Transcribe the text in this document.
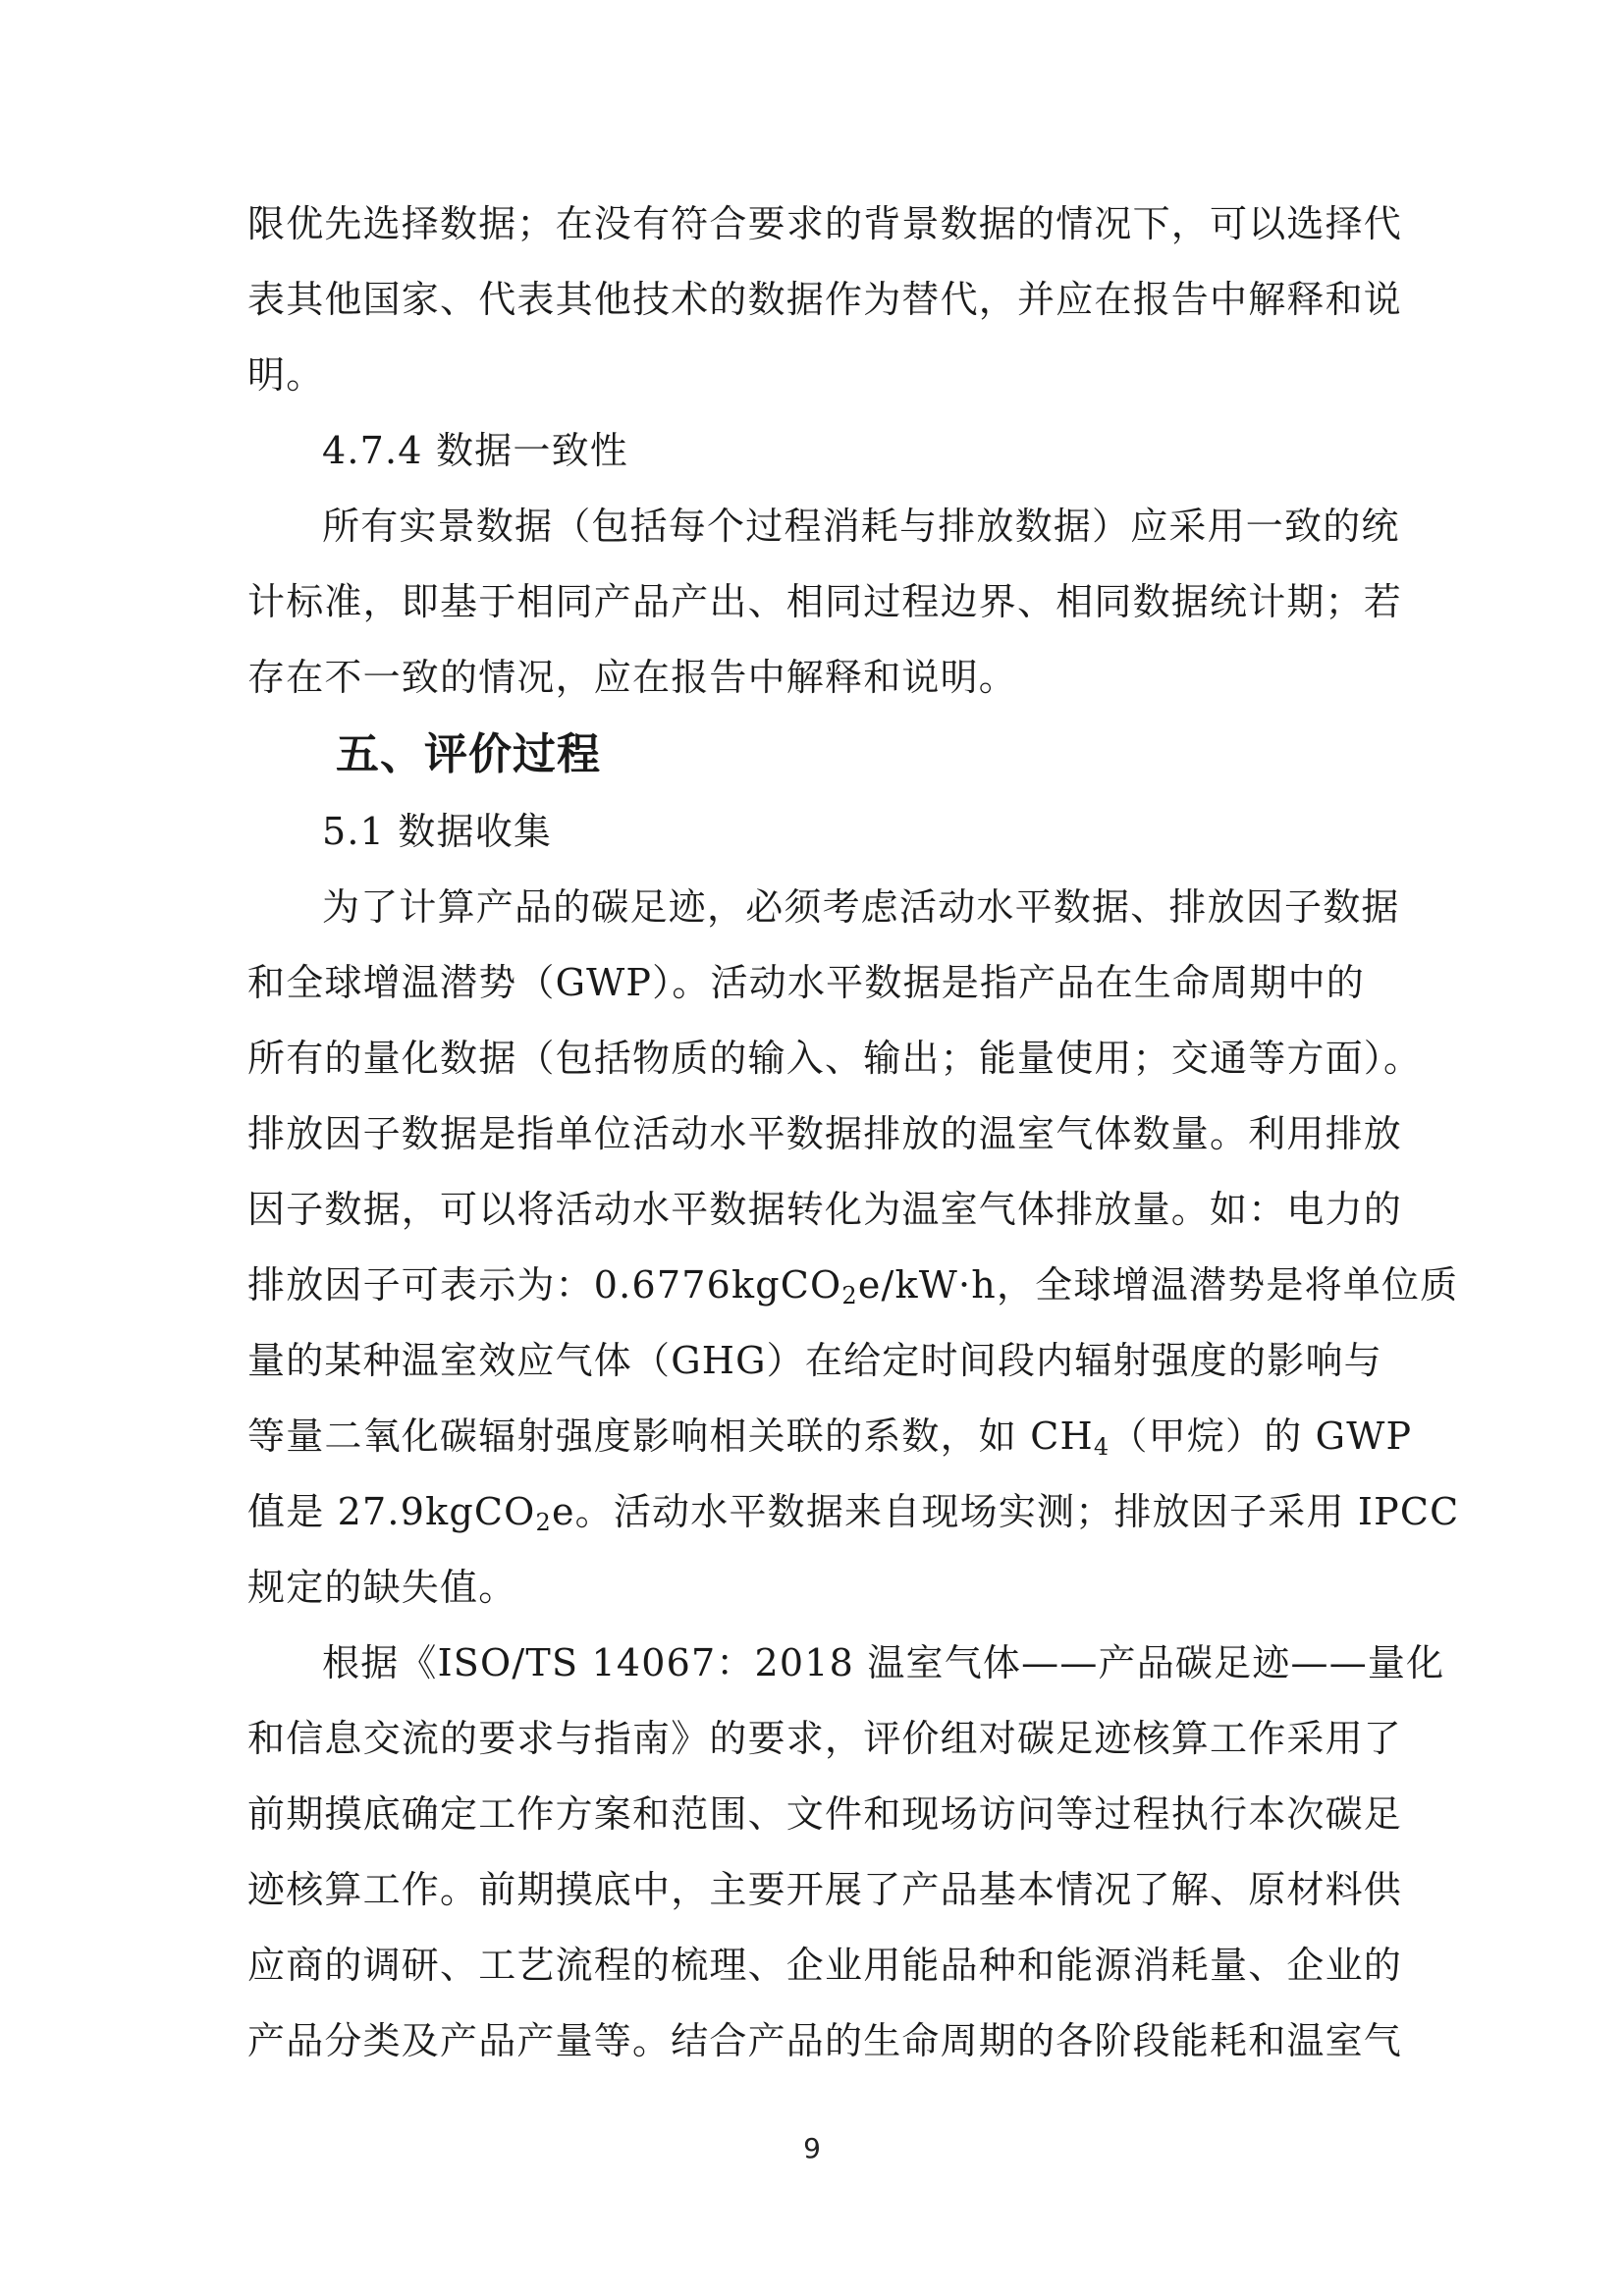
限优先选择数据；在没有符合要求的背景数据的情况下，可以选择代
表其他国家、代表其他技术的数据作为替代，并应在报告中解释和说
明。
4.7.4 数据一致性
所有实景数据（包括每个过程消耗与排放数据）应采用一致的统
计标准，即基于相同产品产出、相同过程边界、相同数据统计期；若
存在不一致的情况，应在报告中解释和说明。
五、评价过程
5.1 数据收集
为了计算产品的碳足迹，必须考虑活动水平数据、排放因子数据
和全球增温潜势（GWP）。活动水平数据是指产品在生命周期中的
所有的量化数据（包括物质的输入、输出；能量使用；交通等方面）。
排放因子数据是指单位活动水平数据排放的温室气体数量。利用排放
因子数据，可以将活动水平数据转化为温室气体排放量。如：电力的
排放因子可表示为：0.6776kgCO$_2$e/kW·h，全球增温潜势是将单位质
量的某种温室效应气体（GHG）在给定时间段内辐射强度的影响与
等量二氧化碳辐射强度影响相关联的系数，如 $CH_4$（甲烷）的 GWP
值是 27.9kgCO$_2$e。活动水平数据来自现场实测；排放因子采用 IPCC
规定的缺失值。
根据《ISO/TS 14067：2018 温室气体——产品碳足迹——量化
和信息交流的要求与指南》的要求，评价组对碳足迹核算工作采用了
前期摸底确定工作方案和范围、文件和现场访问等过程执行本次碳足
迹核算工作。前期摸底中，主要开展了产品基本情况了解、原材料供
应商的调研、工艺流程的梳理、企业用能品种和能源消耗量、企业的
产品分类及产品产量等。结合产品的生命周期的各阶段能耗和温室气
9
